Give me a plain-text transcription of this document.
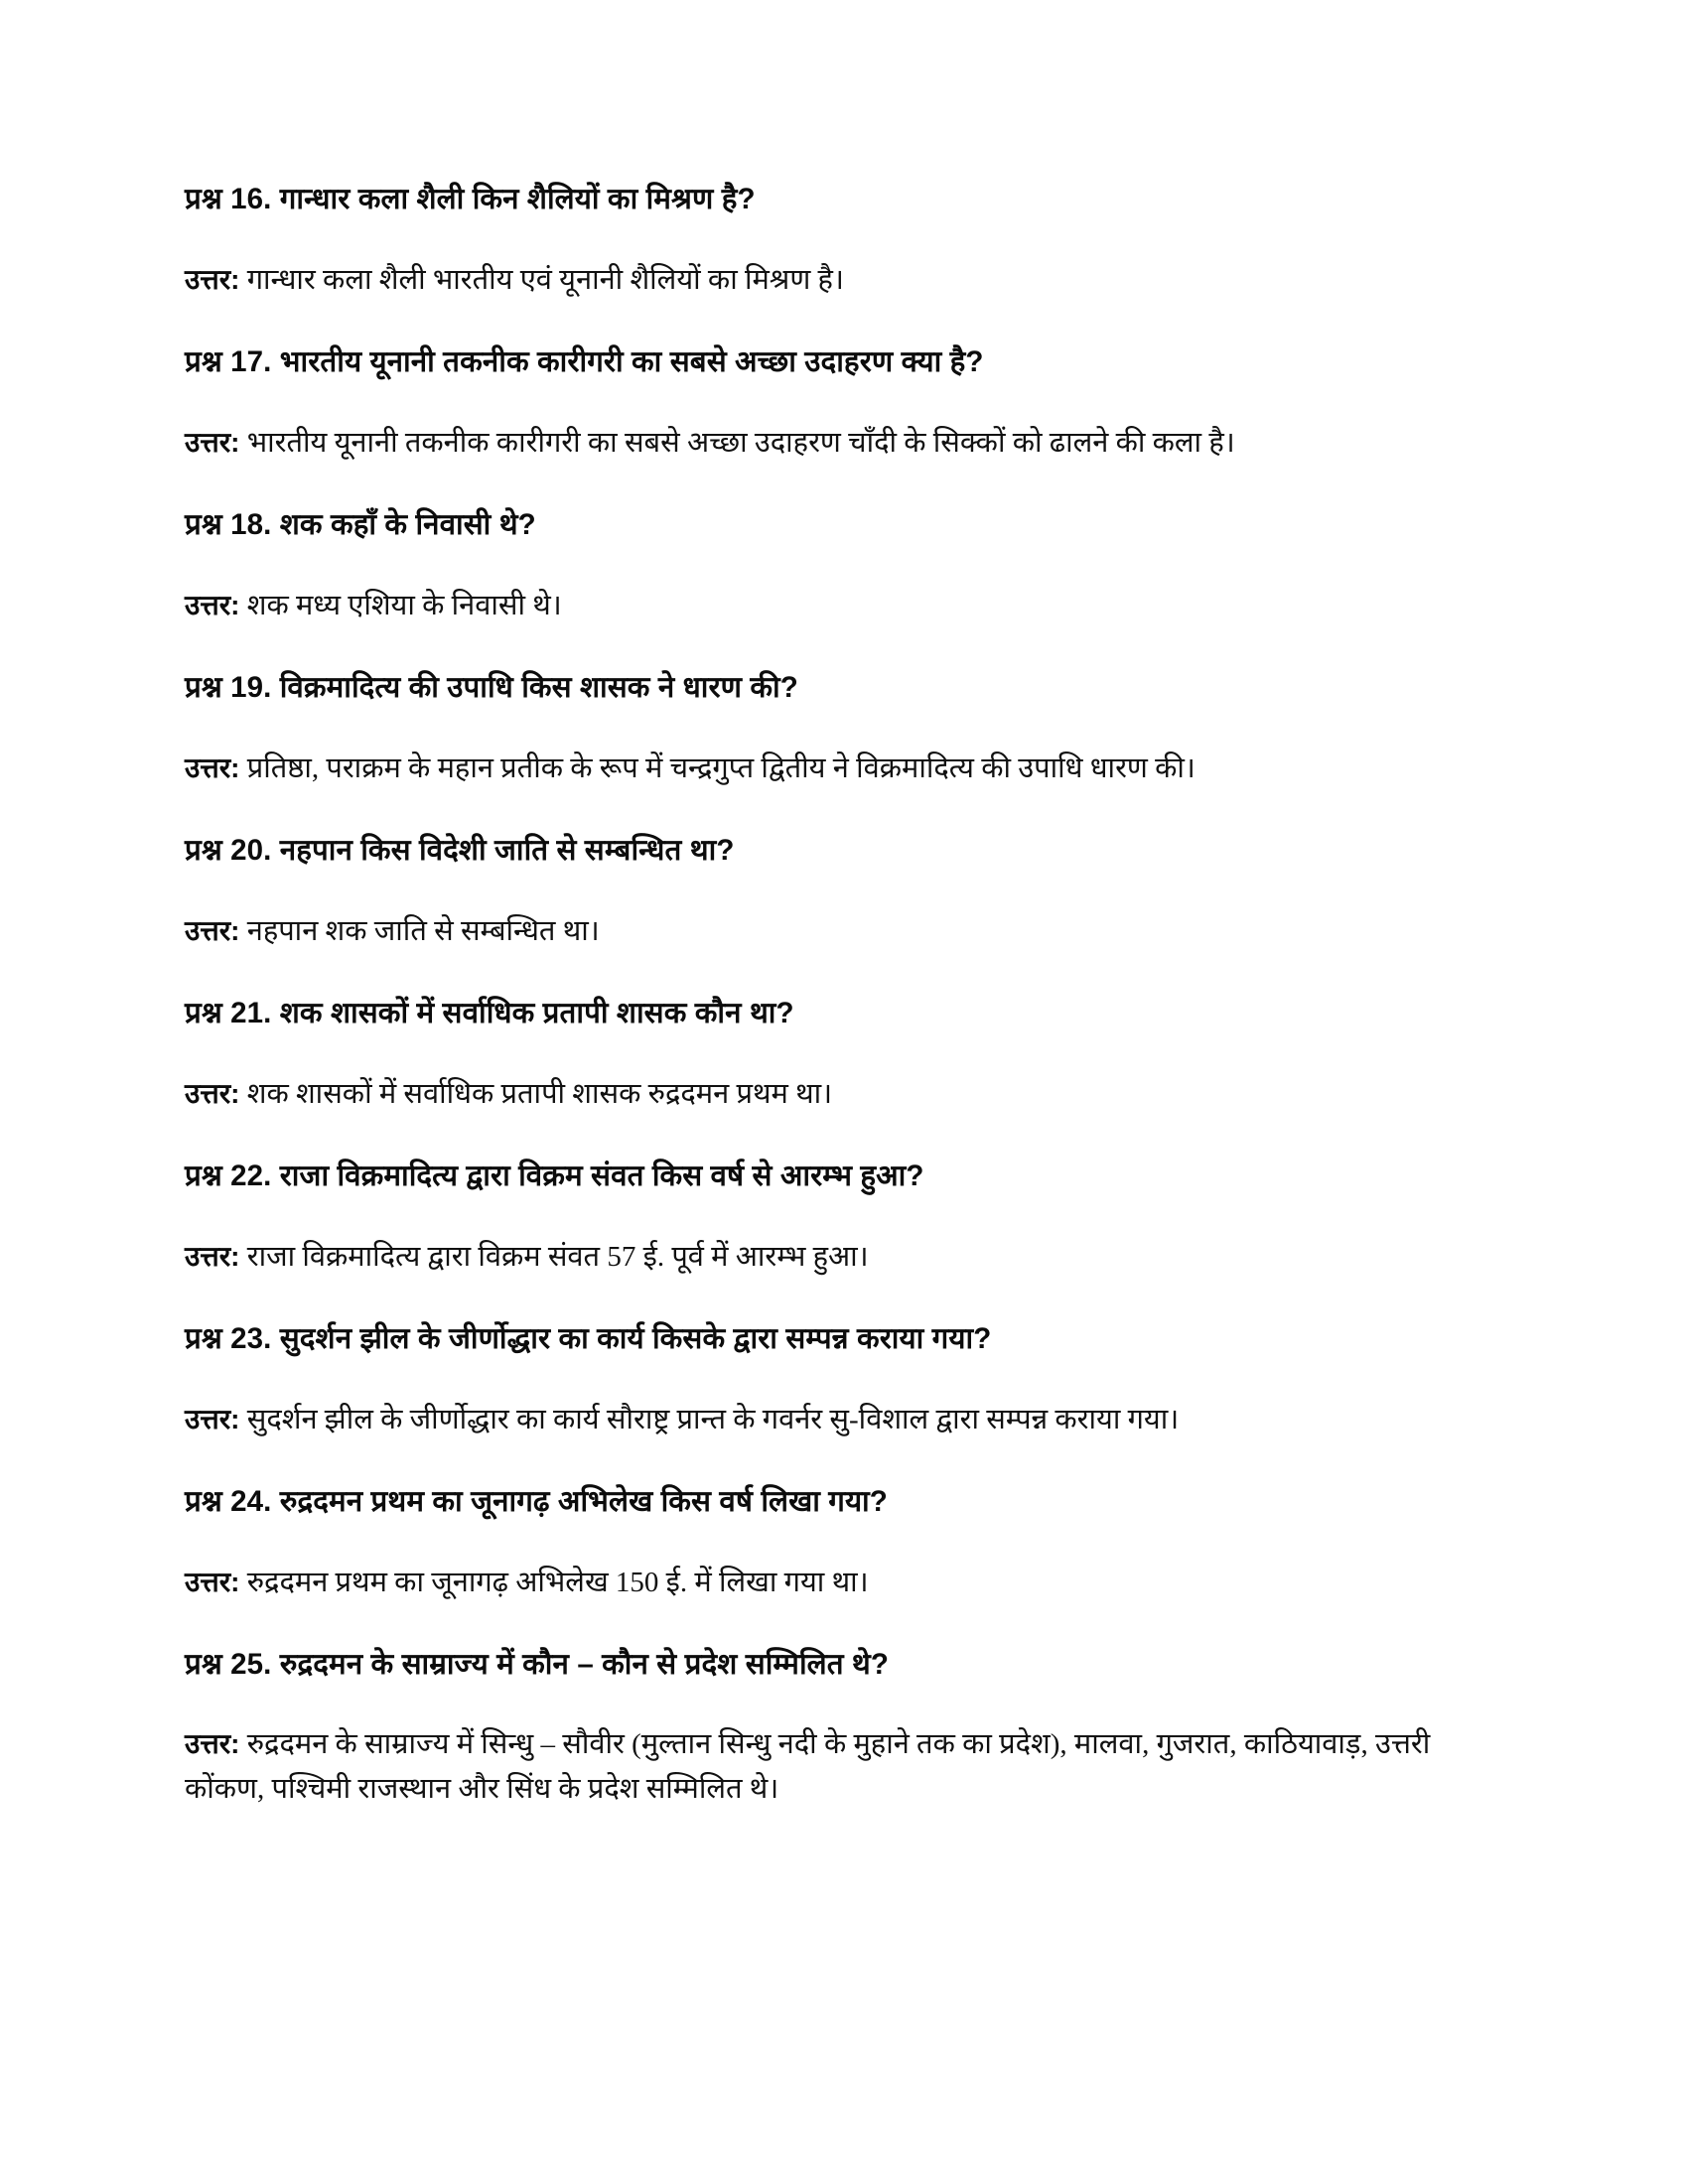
प्रश्न 16. गान्धार कला शैली किन शैलियों का मिश्रण है?

उत्तर: गान्धार कला शैली भारतीय एवं यूनानी शैलियों का मिश्रण है।

प्रश्न 17. भारतीय यूनानी तकनीक कारीगरी का सबसे अच्छा उदाहरण क्या है?

उत्तर: भारतीय यूनानी तकनीक कारीगरी का सबसे अच्छा उदाहरण चाँदी के सिक्कों को ढालने की कला है।

प्रश्न 18. शक कहाँ के निवासी थे?

उत्तर: शक मध्य एशिया के निवासी थे।

प्रश्न 19. विक्रमादित्य की उपाधि किस शासक ने धारण की?

उत्तर: प्रतिष्ठा, पराक्रम के महान प्रतीक के रूप में चन्द्रगुप्त द्वितीय ने विक्रमादित्य की उपाधि धारण की।

प्रश्न 20. नहपान किस विदेशी जाति से सम्बन्धित था?

उत्तर: नहपान शक जाति से सम्बन्धित था।

प्रश्न 21. शक शासकों में सर्वाधिक प्रतापी शासक कौन था?

उत्तर: शक शासकों में सर्वाधिक प्रतापी शासक रुद्रदमन प्रथम था।

प्रश्न 22. राजा विक्रमादित्य द्वारा विक्रम संवत किस वर्ष से आरम्भ हुआ?

उत्तर: राजा विक्रमादित्य द्वारा विक्रम संवत 57 ई. पूर्व में आरम्भ हुआ।

प्रश्न 23. सुदर्शन झील के जीर्णोद्धार का कार्य किसके द्वारा सम्पन्न कराया गया?

उत्तर: सुदर्शन झील के जीर्णोद्धार का कार्य सौराष्ट्र प्रान्त के गवर्नर सु-विशाल द्वारा सम्पन्न कराया गया।

प्रश्न 24. रुद्रदमन प्रथम का जूनागढ़ अभिलेख किस वर्ष लिखा गया?

उत्तर: रुद्रदमन प्रथम का जूनागढ़ अभिलेख 150 ई. में लिखा गया था।

प्रश्न 25. रुद्रदमन के साम्राज्य में कौन – कौन से प्रदेश सम्मिलित थे?

उत्तर: रुद्रदमन के साम्राज्य में सिन्धु – सौवीर (मुल्तान सिन्धु नदी के मुहाने तक का प्रदेश), मालवा, गुजरात, काठियावाड़, उत्तरी कोंकण, पश्चिमी राजस्थान और सिंध के प्रदेश सम्मिलित थे।
